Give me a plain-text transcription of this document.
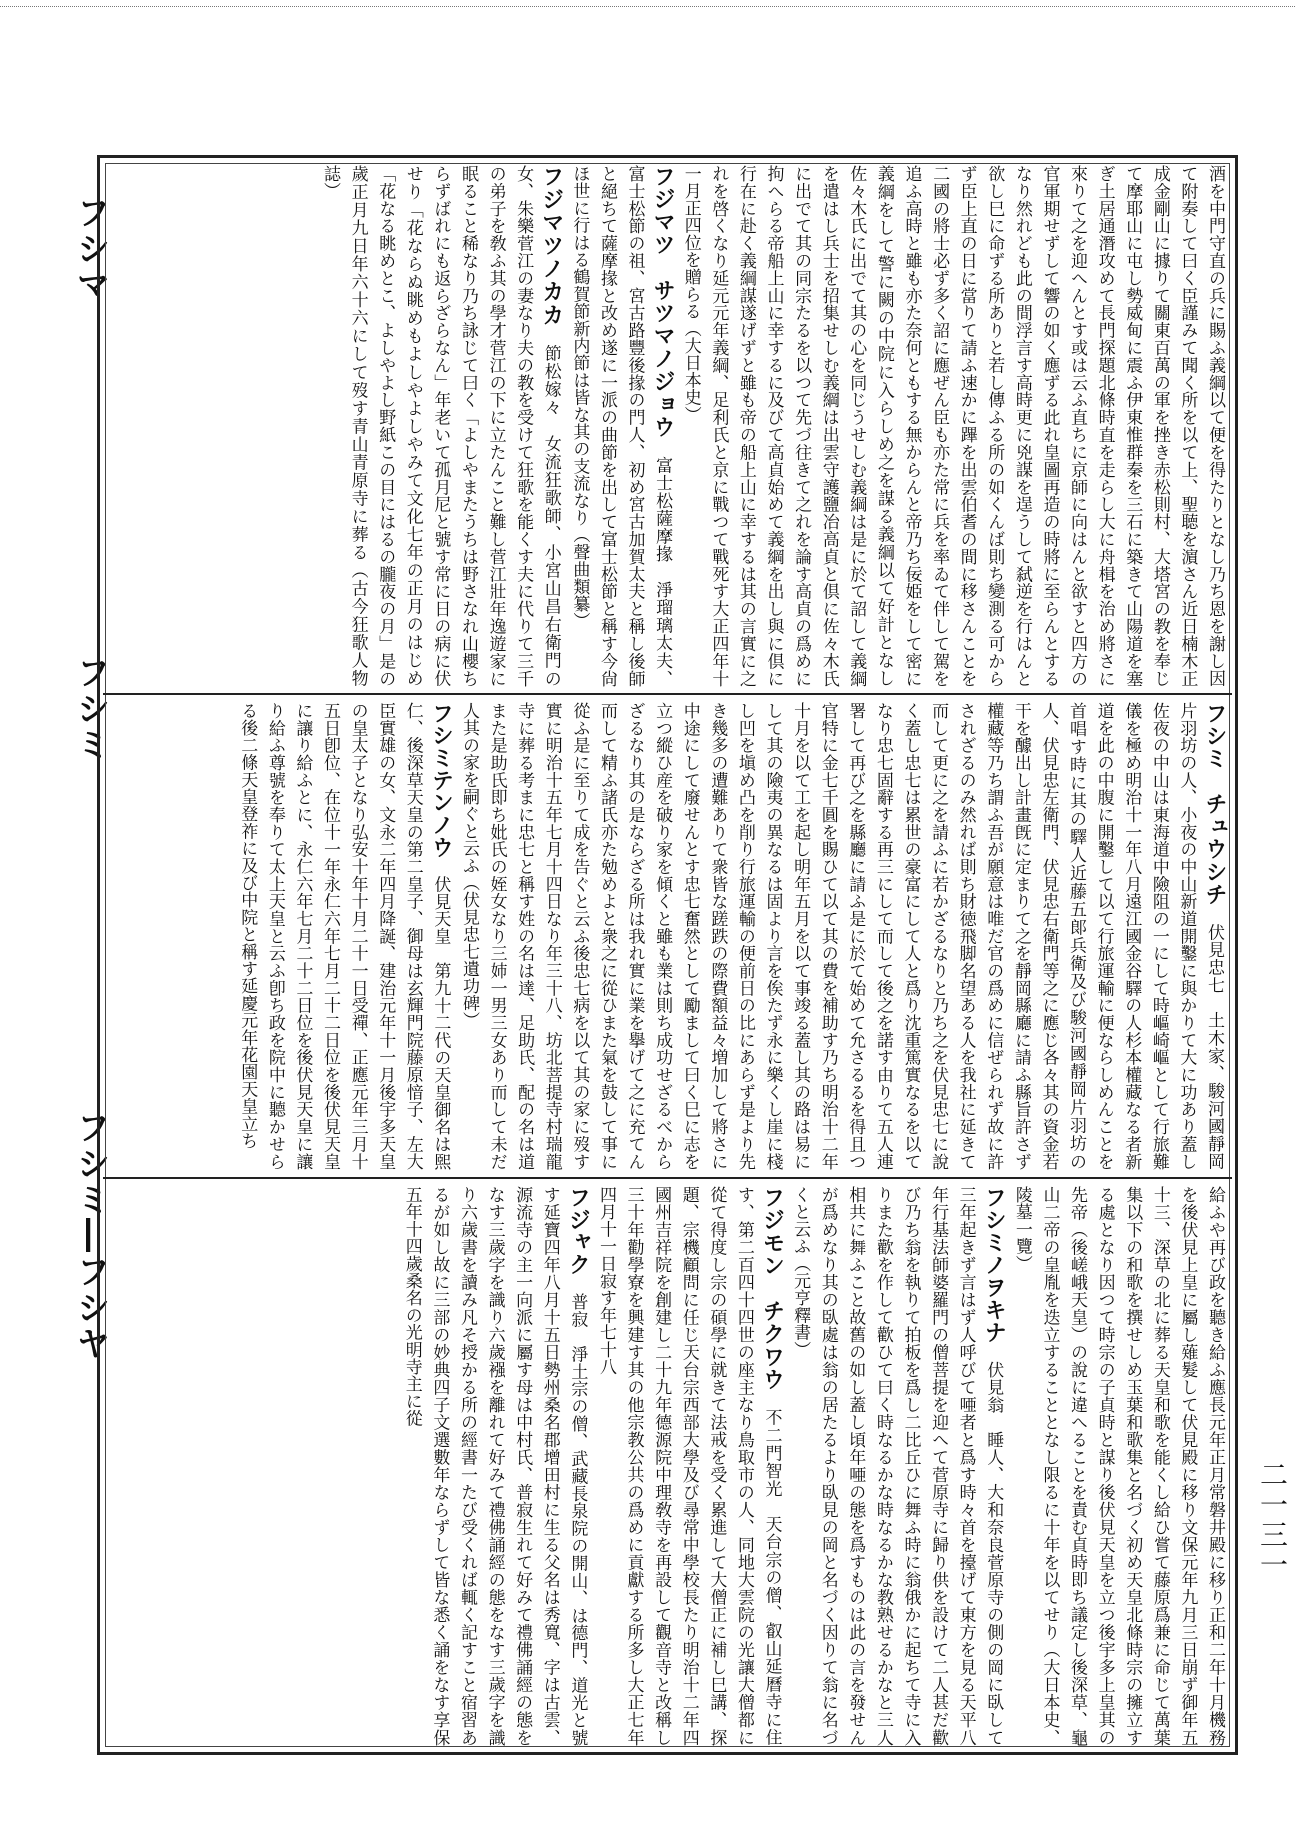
フシマ
フシミ
フシミ―フシヤ
二一三一

酒を中門守直の兵に賜ふ義綱以て便を得たりとなし乃ち恩を謝し因て附奏して曰く臣謹みて聞く所を以て上、聖聴を濵さん近日楠木正成金剛山に據りて關東百萬の軍を挫き赤松則村、大塔宮の教を奉じて摩耶山に屯し勢威甸に震ふ伊東惟群秦を三石に築きて山陽道を塞ぎ土居通潛攻めて長門探題北條時直を走らし大に舟楫を治め將さに來りて之を迎へんとす或は云ふ直ちに京師に向はんと欲すと四方の官軍期せずして響の如く應ずる此れ皇圖再造の時將に至らんとするなり然れども此の間浮言す高時更に兇謀を逞うして弑逆を行はんと欲し巳に命ずる所ありと若し傳ふる所の如くんば則ち變測る可からず臣上直の日に當りて請ふ速かに蹕を出雲伯耆の間に移さんことを二國の將士必ず多く詔に應ぜん臣も亦た常に兵を率ゐて伴して駕を追ふ高時と雖も亦た奈何ともする無からんと帝乃ち佞姫をして密に義綱をして警に闕の中院に入らしめ之を謀る義綱以て好計となし佐々木氏に出でて其の心を同じうせしむ義綱は是に於て詔して義綱を遣はし兵士を招集せしむ義綱は出雲守護鹽冶高貞と倶に佐々木氏に出でて其の同宗たるを以つて先づ往きて之れを論す高貞の爲めに拘へらる帝船上山に幸するに及びて高貞始めて義綱を出し與に倶に行在に赴く義綱謀遂げずと雖も帝の船上山に幸するは其の言實に之れを啓くなり延元元年義綱、足利氏と京に戰つて戰死す大正四年十一月正四位を贈らる（大日本史）

フジマツ　サツマノジョウ　富士松薩摩掾　淨瑠璃太夫、富士松節の祖、宮古路豐後掾の門人、初め宮古加賀太夫と稱し後師と絕ちて薩摩掾と改め遂に一派の曲節を出して富士松節と稱す今尙ほ世に行はる鶴賀節新内節は皆な其の支流なり（聲曲類纂）

フジマツノカカ　節松嫁々　女流狂歌師、小宮山昌右衛門の女、朱樂菅江の妻なり夫の教を受けて狂歌を能くす夫に代りて三千の弟子を敎ふ其の學才菅江の下に立たんこと難し菅江壯年逸遊家に眠ること稀なり乃ち詠じて曰く「よしやまたうちは野さなれ山櫻ちらずばれにも返らざらなん」年老いて孤月尼と號す常に日の病に伏せり「花ならぬ眺めもよしやよしやみて文化七年の正月のはじめ「花なる眺めとこ、よしやよし野紙この目にはるの朧夜の月」是の歲正月九日年六十六にして歿す青山青原寺に葬る（古今狂歌人物誌）

フシミ　チュウシチ　伏見忠七　土木家、駿河國靜岡片羽坊の人、小夜の中山新道開鑿に與かりて大に功あり蓋し佐夜の中山は東海道中險阻の一にして時嶇崎嶇として行旅難儀を極め明治十一年八月遠江國金谷驛の人杉本權藏なる者新道を此の中腹に開鑿して以て行旅運輸に便ならしめんことを首唱す時に其の驛人近藤五郞兵衛及び駿河國靜岡片羽坊の人、伏見忠左衛門、伏見忠右衛門等之に應じ各々其の資金若干を醵出し計畫旣に定まりて之を靜岡縣廳に請ふ縣旨許さず權藏等乃ち謂ふ吾が願意は唯だ官の爲めに信ぜられず故に許されざるのみ然れば則ち財徳飛脚名望ある人を我社に延きて而して更に之を請ふに若かざるなりと乃ち之を伏見忠七に說く蓋し忠七は累世の豪富にして人と爲り沈重篤實なるを以てなり忠七固辭する再三にして而して後之を諾す由りて五人連署して再び之を縣廳に請ふ是に於て始めて允さるるを得且つ官特に金七千圓を賜ひて以て其の費を補助す乃ち明治十二年十月を以て工を起し明年五月を以て事竣る蓋し其の路は易にして其の險夷の異なるは固より言を俟たず永に樂くし崖に棧し凹を塡め凸を削り行旅運輸の便前日の比にあらず是より先き幾多の遭難ありて衆皆な蹉跌の際費額益々増加して將さに中途にして廢せんとす忠七奮然として勵まして曰く巳に志を立つ縱ひ産を破り家を傾くと雖も業は則ち成功せざるべからざるなり其の是ならざる所は我れ實に業を擧げて之に充てん而して精ふ諸氏亦た勉めよと衆之に從ひまた氣を鼓して事に從ふ是に至りて成を告ぐと云ふ後忠七病を以て其の家に歿す實に明治十五年七月十四日なり年三十八、坊北菩提寺村瑞龍寺に葬る考まに忠七と稱す姓の名は達、足助氏、配の名は道また是助氏即ち妣氏の姪女なり三姉一男三女あり而して未だ人其の家を嗣ぐと云ふ（伏見忠七遺功碑）

フシミテンノウ　伏見天皇　第九十二代の天皇御名は煕仁、後深草天皇の第二皇子、御母は玄輝門院藤原愔子、左大臣實雄の女、文永二年四月降誕、建治元年十一月後宇多天皇の皇太子となり弘安十年十月二十一日受禪、正應元年三月十五日卽位、在位十一年永仁六年七月二十二日位を後伏見天皇に讓り給ふとに、永仁六年七月二十二日位を後伏見天皇に讓り給ふ尊號を奉りて太上天皇と云ふ卽ち政を院中に聽かせらる後二條天皇登祚に及び中院と稱す延慶元年花園天皇立ち

給ふや再び政を聽き給ふ應長元年正月常磐井殿に移り正和二年十月機務を後伏見上皇に屬し薙髮して伏見殿に移り文保元年九月三日崩ず御年五十三、深草の北に葬る天皇和歌を能くし給ひ嘗て藤原爲兼に命じて萬葉集以下の和歌を撰せしめ玉葉和歌集と名づく初め天皇北條時宗の擁立する處となり因つて時宗の子貞時と謀り後伏見天皇を立つ後宇多上皇其の先帝（後嵯峨天皇）の說に違へることを責む貞時即ち議定し後深草、龜山二帝の皇胤を迭立することとなし限るに十年を以てせり（大日本史、陵墓一覽）

フシミノヲキナ　伏見翁　睡人、大和奈良菅原寺の側の岡に臥して三年起きず言はず人呼びて唖者と爲す時々首を擡げて東方を見る天平八年行基法師婆羅門の僧菩提を迎へて菅原寺に歸り供を設けて二人甚だ歡び乃ち翁を執りて拍板を爲し二比丘ひに舞ふ時に翁俄かに起ちて寺に入りまた歡を作して歡ひて曰く時なるかな時なるかな教熟せるかなと三人相共に舞ふこと故舊の如し蓋し頃年唖の態を爲すものは此の言を發せんが爲めなり其の臥處は翁の居たるより臥見の岡と名づく因りて翁に名づくと云ふ（元亨釋書）

フジモン　チクワウ　不二門智光　天台宗の僧、叡山延曆寺に住す、第二百四十四世の座主なり鳥取市の人、同地大雲院の光讓大僧都に從て得度し宗の碩學に就きて法戒を受く累進して大僧正に補し巳講、探題、宗機顧問に任じ天台宗西部大學及び尋常中學校長たり明治十二年四國州吉祥院を創建し二十九年德源院中理敎寺を再設して觀音寺と改稱し三十年勸學寮を興建す其の他宗教公共の爲めに貢獻する所多し大正七年四月十一日寂す年七十八

フジャク　普寂　淨土宗の僧、武藏長泉院の開山、は德門、道光と號す延寶四年八月十五日勢州桑名郡增田村に生る父名は秀寬、字は古雲、源流寺の主一向派に屬す母は中村氏、普寂生れて好みて禮佛誦經の態をなす三歲字を識り六歲襁を離れて好みて禮佛誦經の態をなす三歲字を識り六歲書を讀み凡そ授かる所の經書一たび受くれば輒く記すこと宿習あるが如し故に三部の妙典四子文選數年ならずして皆な悉く誦をなす享保五年十四歲桑名の光明寺主に從
